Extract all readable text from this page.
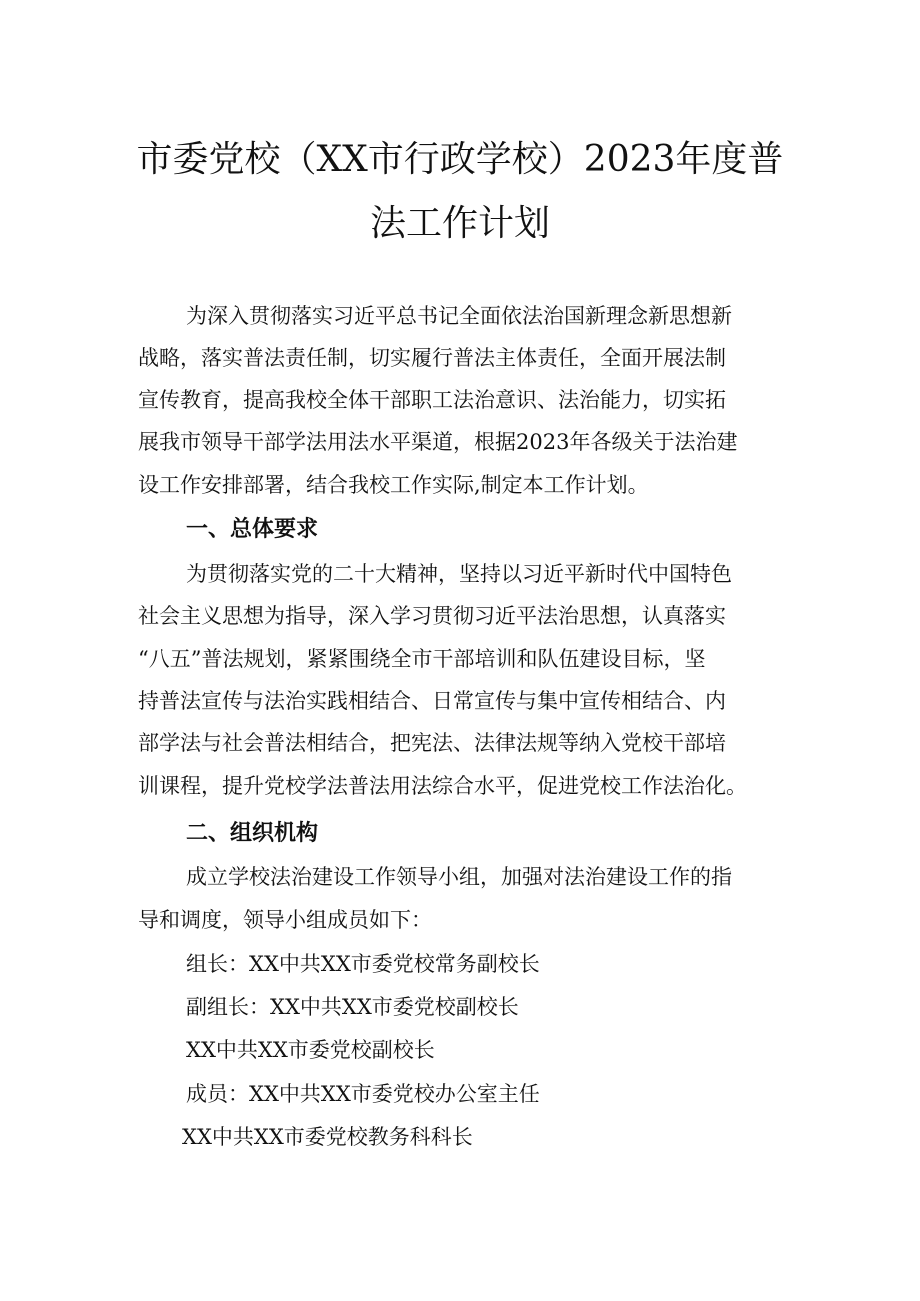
市委党校（XX市行政学校）2023年度普
法工作计划
为深入贯彻落实习近平总书记全面依法治国新理念新思想新
战略，落实普法责任制，切实履行普法主体责任，全面开展法制
宣传教育，提高我校全体干部职工法治意识、法治能力，切实拓
展我市领导干部学法用法水平渠道，根据2023年各级关于法治建
设工作安排部署，结合我校工作实际,制定本工作计划。
一、总体要求
为贯彻落实党的二十大精神，坚持以习近平新时代中国特色
社会主义思想为指导，深入学习贯彻习近平法治思想，认真落实
“八五”普法规划，紧紧围绕全市干部培训和队伍建设目标，坚
持普法宣传与法治实践相结合、日常宣传与集中宣传相结合、内
部学法与社会普法相结合，把宪法、法律法规等纳入党校干部培
训课程，提升党校学法普法用法综合水平，促进党校工作法治化。
二、组织机构
成立学校法治建设工作领导小组，加强对法治建设工作的指
导和调度，领导小组成员如下：
组长：XX中共XX市委党校常务副校长
副组长：XX中共XX市委党校副校长
XX中共XX市委党校副校长
成员：XX中共XX市委党校办公室主任
XX中共XX市委党校教务科科长
